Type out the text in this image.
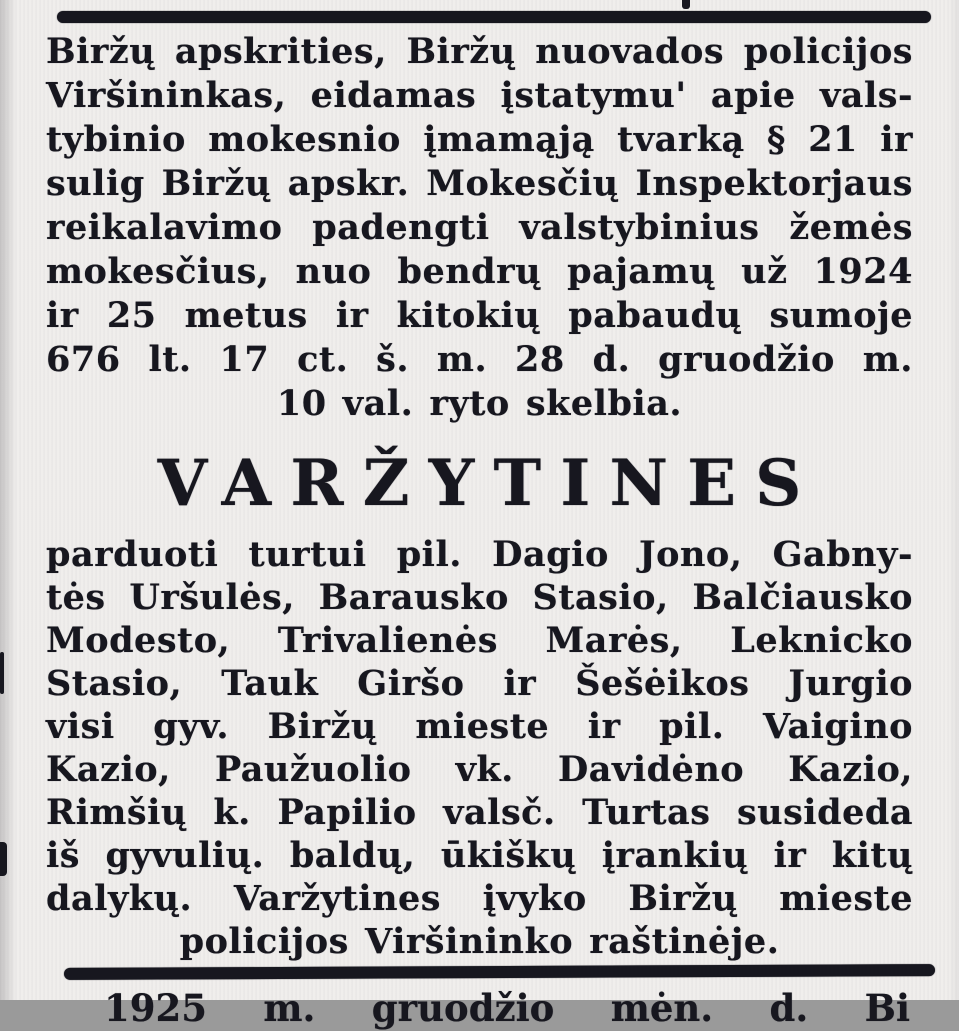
Biržų apskrities, Biržų nuovados policijos
Viršininkas, eidamas įstatymu' apie vals-
tybinio mokesnio įmamąją tvarką § 21 ir
sulig Biržų apskr. Mokesčių Inspektorjaus
reikalavimo padengti valstybinius žemės
mokesčius, nuo bendrų pajamų už 1924
ir 25 metus ir kitokių pabaudų sumoje
676 lt. 17 ct. š. m. 28 d. gruodžio m.
10 val. ryto skelbia.
VARŽYTINES
parduoti turtui pil. Dagio Jono, Gabny-
tės Uršulės, Barausko Stasio, Balčiausko
Modesto, Trivalienės Marės, Leknicko
Stasio, Tauk Giršo ir Šešėikos Jurgio
visi gyv. Biržų mieste ir pil. Vaigino
Kazio, Paužuolio vk. Davidėno Kazio,
Rimšių k. Papilio valsč. Turtas susideda
iš gyvulių. baldų, ūkiškų įrankių ir kitų
dalykų. Varžytines įvyko Biržų mieste
policijos Viršininko raštinėje.
1925 m. gruodžio mėn. d. Bi
